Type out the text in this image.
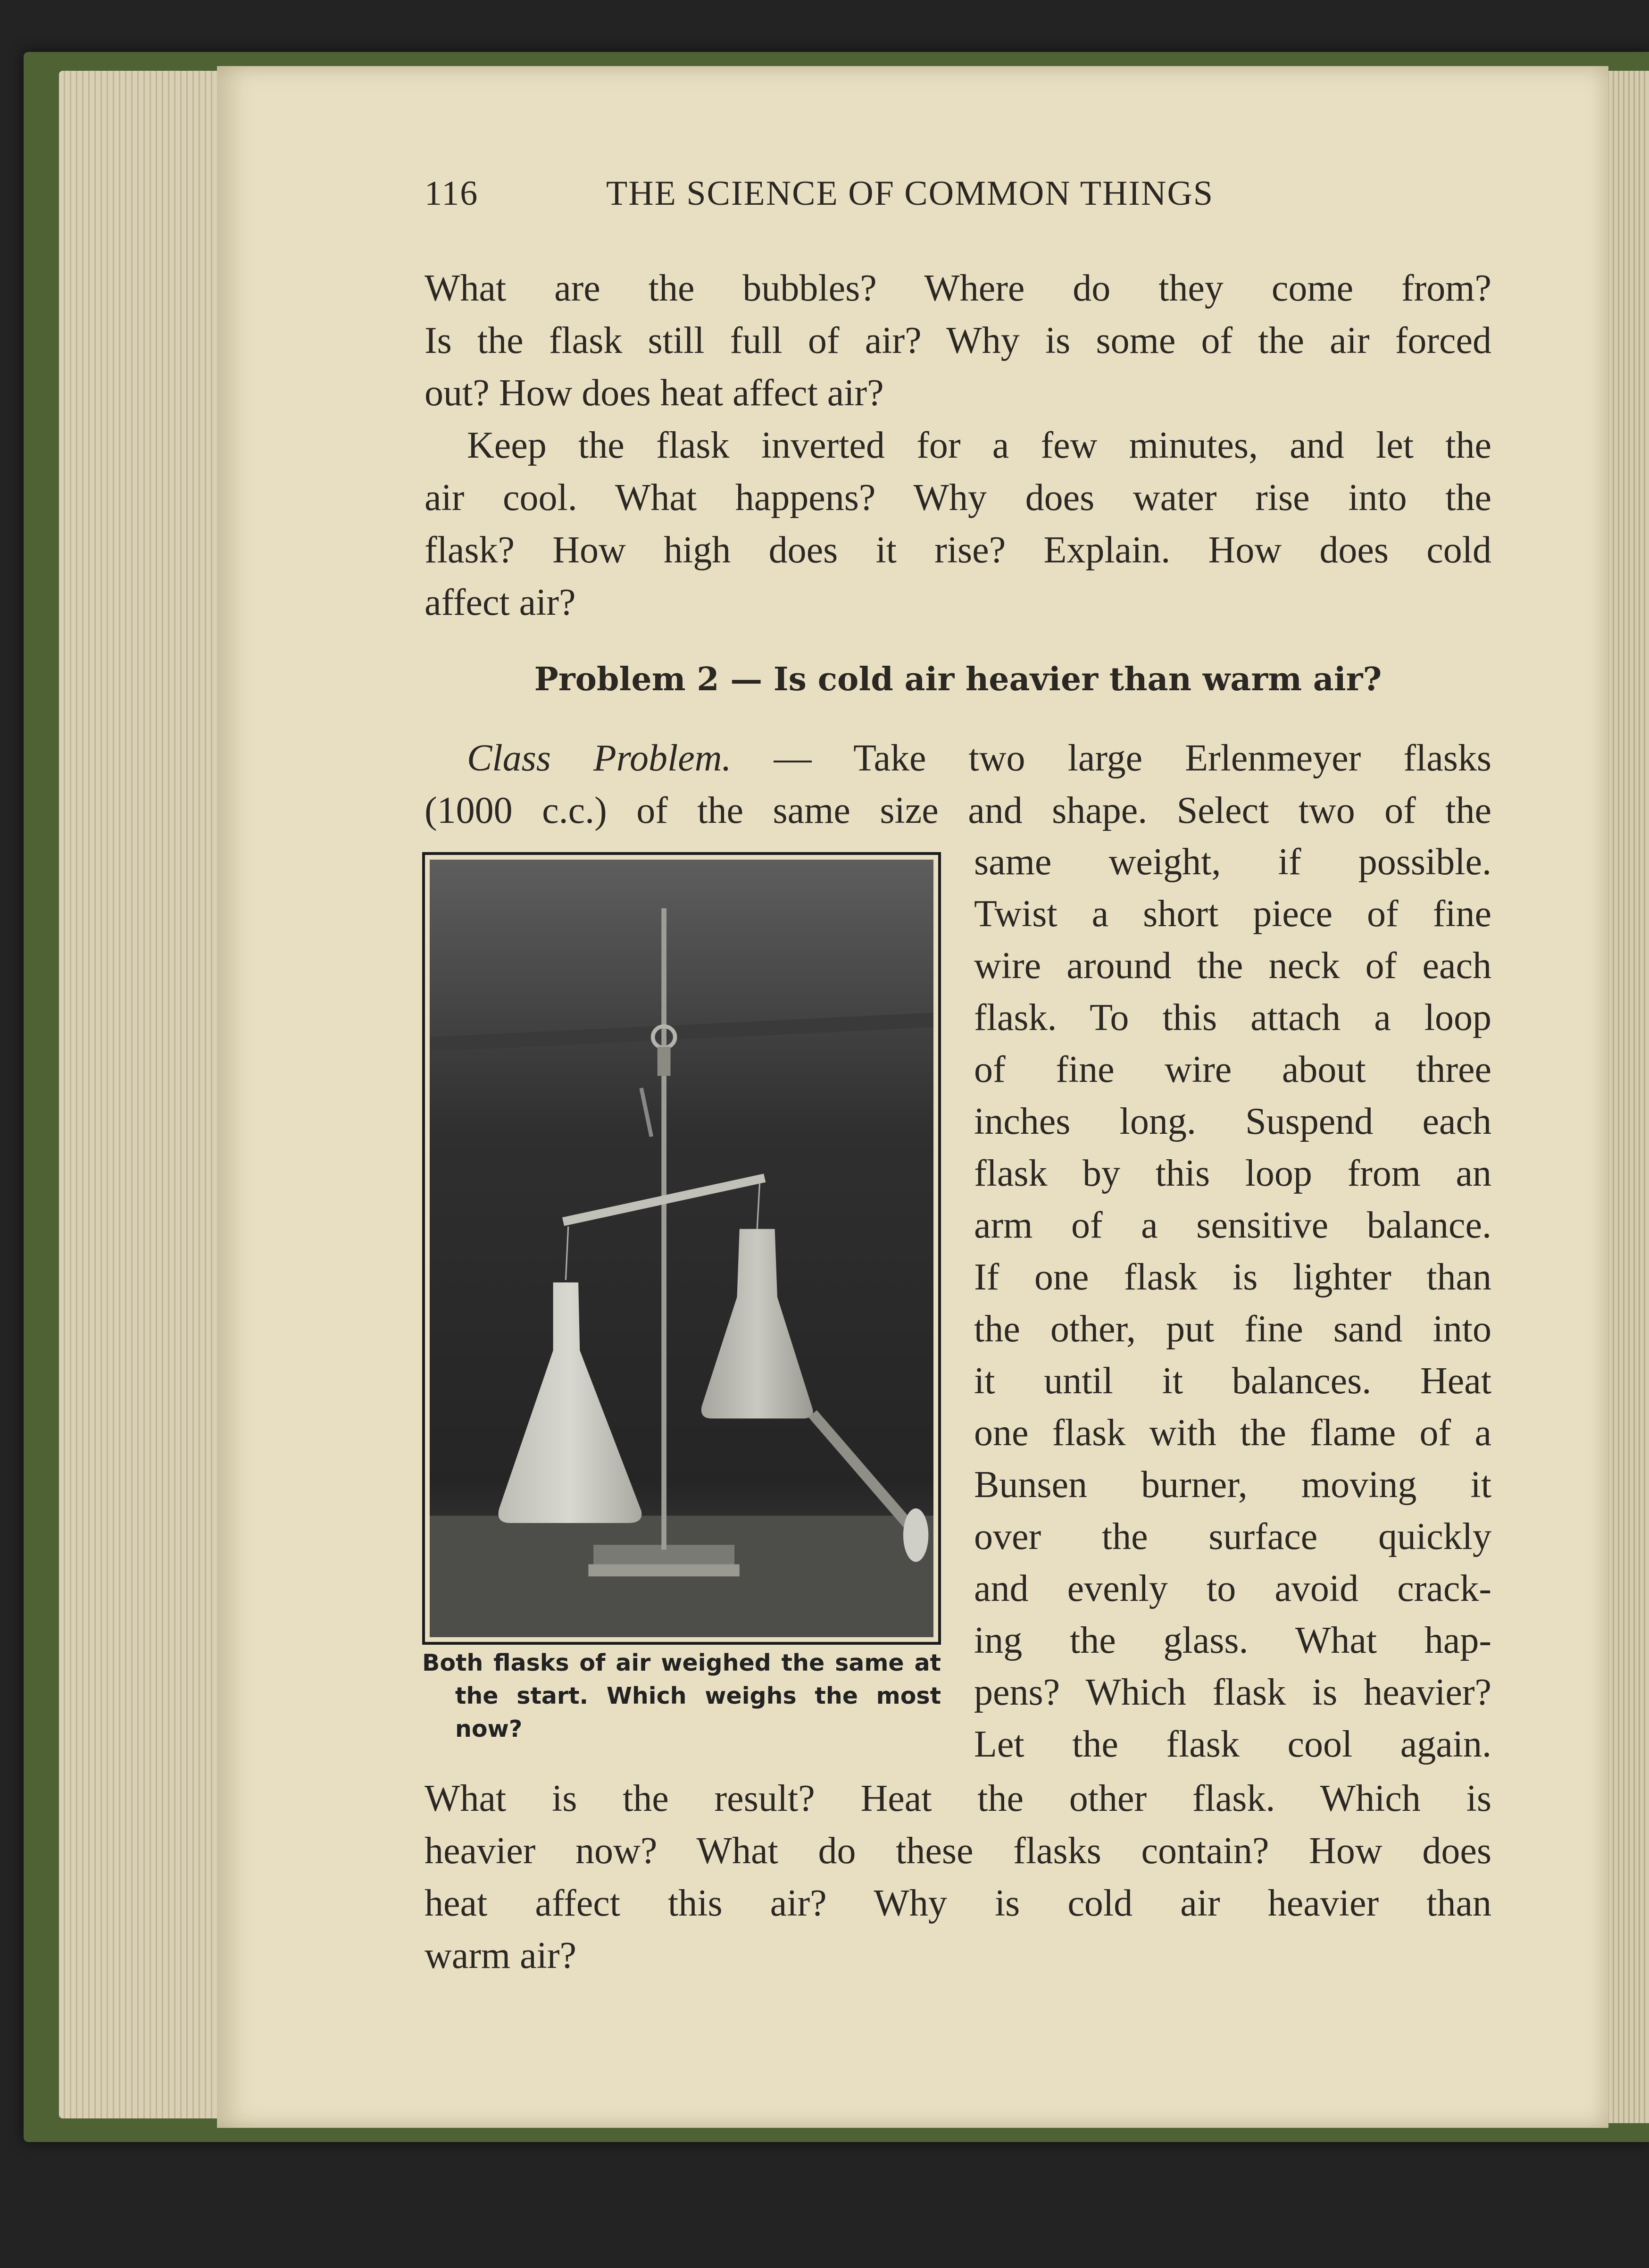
116	THE SCIENCE OF COMMON THINGS
What are the bubbles? Where do they come from?
Is the flask still full of air? Why is some of the air forced
out? How does heat affect air?
Keep the flask inverted for a few minutes, and let the
air cool. What happens? Why does water rise into the
flask? How high does it rise? Explain. How does cold
affect air?
Problem 2 — Is cold air heavier than warm air?
Class Problem. — Take two large Erlenmeyer flasks
(1000 c.c.) of the same size and shape. Select two of the
Both flasks of air weighed the same at
the start. Which weighs the most
now?
same weight, if possible.
Twist a short piece of fine
wire around the neck of each
flask. To this attach a loop
of fine wire about three
inches long. Suspend each
flask by this loop from an
arm of a sensitive balance.
If one flask is lighter than
the other, put fine sand into
it until it balances. Heat
one flask with the flame of a
Bunsen burner, moving it
over the surface quickly
and evenly to avoid crack-
ing the glass. What hap-
pens? Which flask is heavier?
Let the flask cool again.
What is the result? Heat the other flask. Which is
heavier now? What do these flasks contain? How does
heat affect this air? Why is cold air heavier than
warm air?
